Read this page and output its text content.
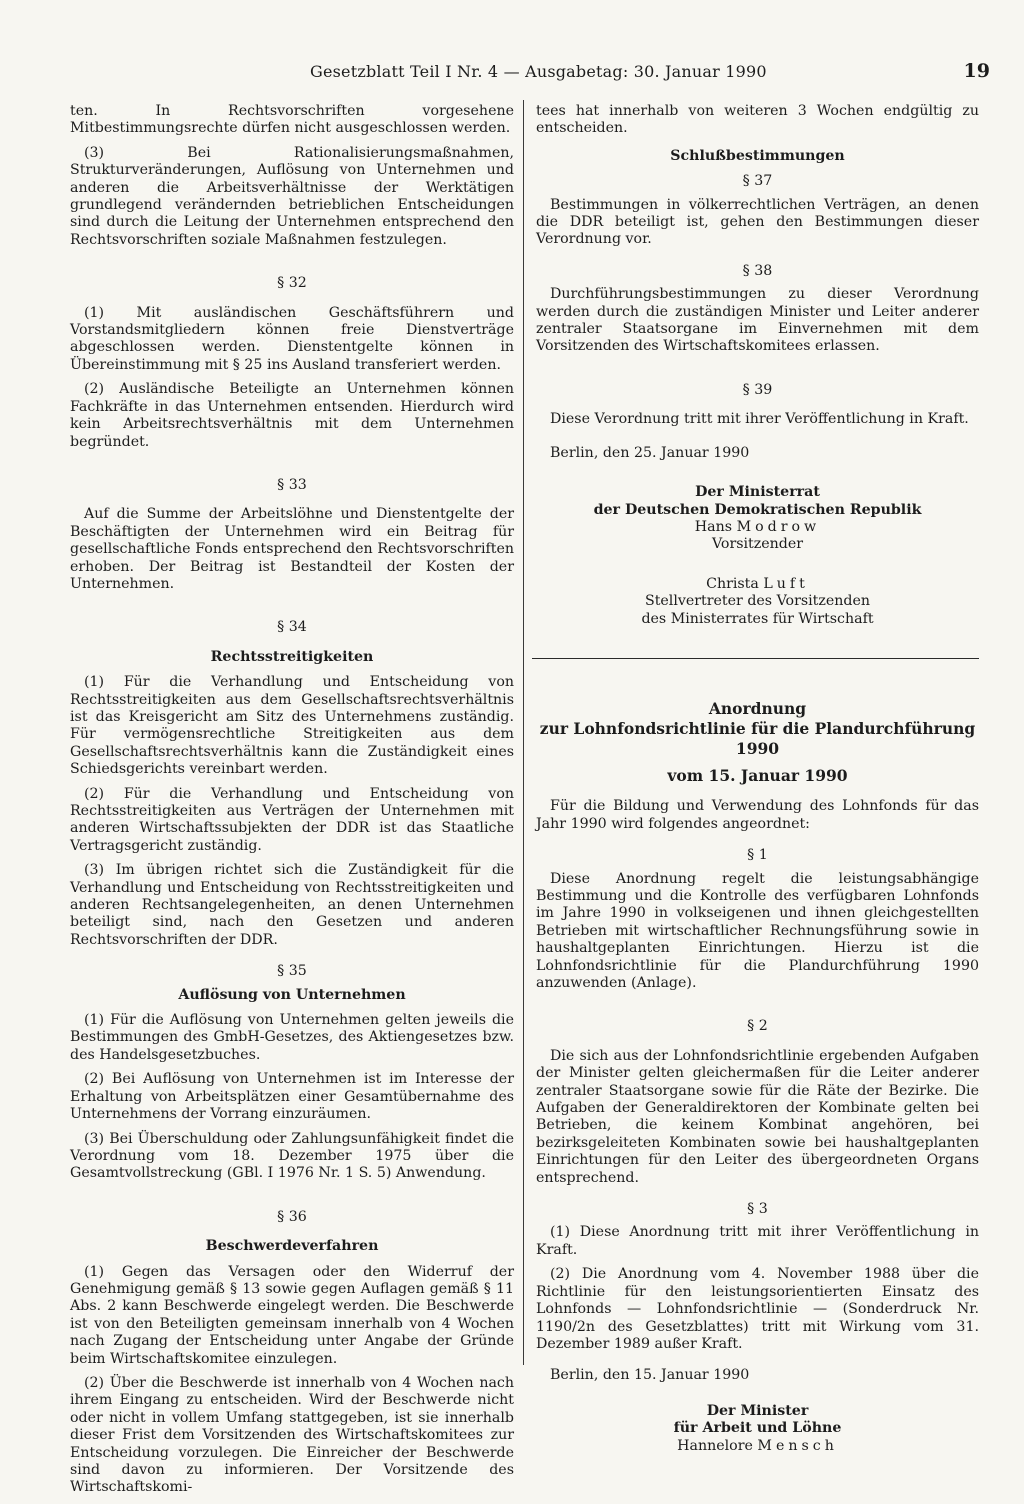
Gesetzblatt Teil I Nr. 4 — Ausgabetag: 30. Januar 1990	19

ten. In Rechtsvorschriften vorgesehene Mitbestimmungsrechte dürfen nicht ausgeschlossen werden.

(3) Bei Rationalisierungsmaßnahmen, Strukturveränderungen, Auflösung von Unternehmen und anderen die Arbeitsverhältnisse der Werktätigen grundlegend verändernden betrieblichen Entscheidungen sind durch die Leitung der Unternehmen entsprechend den Rechtsvorschriften soziale Maßnahmen festzulegen.

§ 32

(1) Mit ausländischen Geschäftsführern und Vorstandsmitgliedern können freie Dienstverträge abgeschlossen werden. Dienstentgelte können in Übereinstimmung mit § 25 ins Ausland transferiert werden.

(2) Ausländische Beteiligte an Unternehmen können Fachkräfte in das Unternehmen entsenden. Hierdurch wird kein Arbeitsrechtsverhältnis mit dem Unternehmen begründet.

§ 33

Auf die Summe der Arbeitslöhne und Dienstentgelte der Beschäftigten der Unternehmen wird ein Beitrag für gesellschaftliche Fonds entsprechend den Rechtsvorschriften erhoben. Der Beitrag ist Bestandteil der Kosten der Unternehmen.

§ 34
Rechtsstreitigkeiten

(1) Für die Verhandlung und Entscheidung von Rechtsstreitigkeiten aus dem Gesellschaftsrechtsverhältnis ist das Kreisgericht am Sitz des Unternehmens zuständig. Für vermögensrechtliche Streitigkeiten aus dem Gesellschaftsrechtsverhältnis kann die Zuständigkeit eines Schiedsgerichts vereinbart werden.

(2) Für die Verhandlung und Entscheidung von Rechtsstreitigkeiten aus Verträgen der Unternehmen mit anderen Wirtschaftssubjekten der DDR ist das Staatliche Vertragsgericht zuständig.

(3) Im übrigen richtet sich die Zuständigkeit für die Verhandlung und Entscheidung von Rechtsstreitigkeiten und anderen Rechtsangelegenheiten, an denen Unternehmen beteiligt sind, nach den Gesetzen und anderen Rechtsvorschriften der DDR.

§ 35
Auflösung von Unternehmen

(1) Für die Auflösung von Unternehmen gelten jeweils die Bestimmungen des GmbH-Gesetzes, des Aktiengesetzes bzw. des Handelsgesetzbuches.

(2) Bei Auflösung von Unternehmen ist im Interesse der Erhaltung von Arbeitsplätzen einer Gesamtübernahme des Unternehmens der Vorrang einzuräumen.

(3) Bei Überschuldung oder Zahlungsunfähigkeit findet die Verordnung vom 18. Dezember 1975 über die Gesamtvollstreckung (GBl. I 1976 Nr. 1 S. 5) Anwendung.

§ 36
Beschwerdeverfahren

(1) Gegen das Versagen oder den Widerruf der Genehmigung gemäß § 13 sowie gegen Auflagen gemäß § 11 Abs. 2 kann Beschwerde eingelegt werden. Die Beschwerde ist von den Beteiligten gemeinsam innerhalb von 4 Wochen nach Zugang der Entscheidung unter Angabe der Gründe beim Wirtschaftskomitee einzulegen.

(2) Über die Beschwerde ist innerhalb von 4 Wochen nach ihrem Eingang zu entscheiden. Wird der Beschwerde nicht oder nicht in vollem Umfang stattgegeben, ist sie innerhalb dieser Frist dem Vorsitzenden des Wirtschaftskomitees zur Entscheidung vorzulegen. Die Einreicher der Beschwerde sind davon zu informieren. Der Vorsitzende des Wirtschaftskomi-

tees hat innerhalb von weiteren 3 Wochen endgültig zu entscheiden.

Schlußbestimmungen
§ 37

Bestimmungen in völkerrechtlichen Verträgen, an denen die DDR beteiligt ist, gehen den Bestimmungen dieser Verordnung vor.

§ 38

Durchführungsbestimmungen zu dieser Verordnung werden durch die zuständigen Minister und Leiter anderer zentraler Staatsorgane im Einvernehmen mit dem Vorsitzenden des Wirtschaftskomitees erlassen.

§ 39

Diese Verordnung tritt mit ihrer Veröffentlichung in Kraft.

Berlin, den 25. Januar 1990

Der Ministerrat
der Deutschen Demokratischen Republik
Hans Modrow
Vorsitzender
Christa Luft
Stellvertreter des Vorsitzenden
des Ministerrates für Wirtschaft
Anordnung
zur Lohnfondsrichtlinie für die Plandurchführung 1990
vom 15. Januar 1990

Für die Bildung und Verwendung des Lohnfonds für das Jahr 1990 wird folgendes angeordnet:

§ 1

Diese Anordnung regelt die leistungsabhängige Bestimmung und die Kontrolle des verfügbaren Lohnfonds im Jahre 1990 in volkseigenen und ihnen gleichgestellten Betrieben mit wirtschaftlicher Rechnungsführung sowie in haushaltgeplanten Einrichtungen. Hierzu ist die Lohnfondsrichtlinie für die Plandurchführung 1990 anzuwenden (Anlage).

§ 2

Die sich aus der Lohnfondsrichtlinie ergebenden Aufgaben der Minister gelten gleichermaßen für die Leiter anderer zentraler Staatsorgane sowie für die Räte der Bezirke. Die Aufgaben der Generaldirektoren der Kombinate gelten bei Betrieben, die keinem Kombinat angehören, bei bezirksgeleiteten Kombinaten sowie bei haushaltgeplanten Einrichtungen für den Leiter des übergeordneten Organs entsprechend.

§ 3

(1) Diese Anordnung tritt mit ihrer Veröffentlichung in Kraft.

(2) Die Anordnung vom 4. November 1988 über die Richtlinie für den leistungsorientierten Einsatz des Lohnfonds — Lohnfondsrichtlinie — (Sonderdruck Nr. 1190/2n des Gesetzblattes) tritt mit Wirkung vom 31. Dezember 1989 außer Kraft.

Berlin, den 15. Januar 1990

Der Minister
für Arbeit und Löhne
Hannelore Mensch
